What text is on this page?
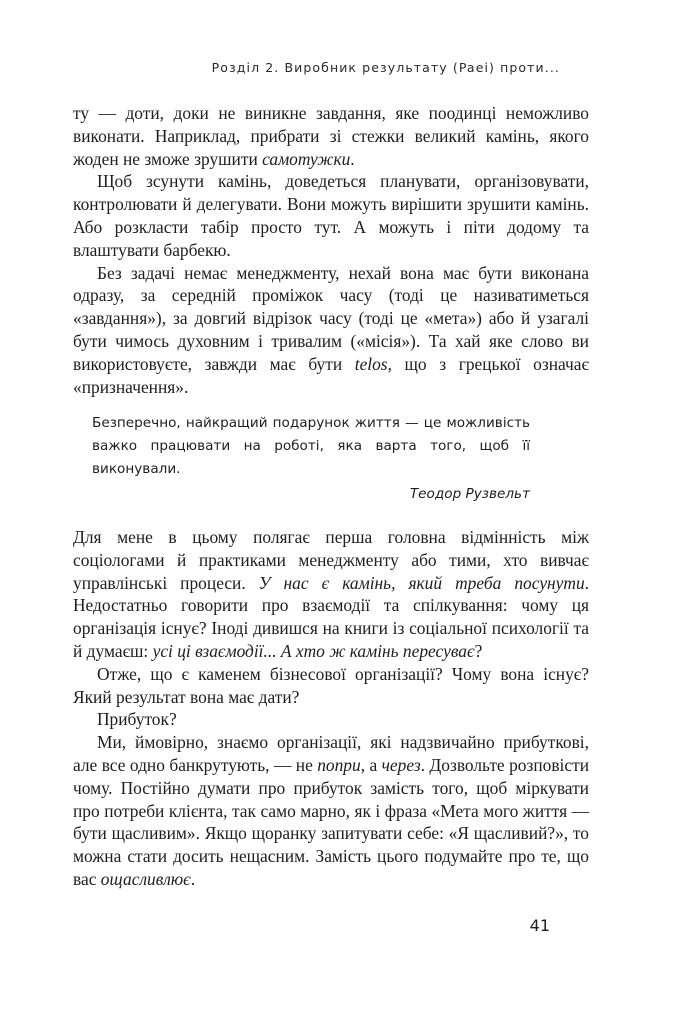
Розділ 2. Виробник результату (Paei) проти...

ту — доти, доки не виникне завдання, яке поодинці неможливо виконати. Наприклад, прибрати зі стежки великий камінь, якого жоден не зможе зрушити самотужки.

Щоб зсунути камінь, доведеться планувати, організовувати, контролювати й делегувати. Вони можуть вирішити зрушити камінь. Або розкласти табір просто тут. А можуть і піти додому та влаштувати барбекю.

Без задачі немає менеджменту, нехай вона має бути виконана одразу, за середній проміжок часу (тоді це називатиметься «завдання»), за довгий відрізок часу (тоді це «мета») або й узагалі бути чимось духовним і тривалим («місія»). Та хай яке слово ви використовуєте, завжди має бути telos, що з грецької означає «призначення».

Безперечно, найкращий подарунок життя — це можливість важко працювати на роботі, яка варта того, щоб її виконували.
Теодор Рузвельт

Для мене в цьому полягає перша головна відмінність між соціологами й практиками менеджменту або тими, хто вивчає управлінські процеси. У нас є камінь, який треба посунути. Недостатньо говорити про взаємодії та спілкування: чому ця організація існує? Іноді дивишся на книги із соціальної психології та й думаєш: усі ці взаємодії... А хто ж камінь пересуває?

Отже, що є каменем бізнесової організації? Чому вона існує? Який результат вона має дати?

Прибуток?

Ми, ймовірно, знаємо організації, які надзвичайно прибуткові, але все одно банкрутують, — не попри, а через. Дозвольте розповісти чому. Постійно думати про прибуток замість того, щоб міркувати про потреби клієнта, так само марно, як і фраза «Мета мого життя — бути щасливим». Якщо щоранку запитувати себе: «Я щасливий?», то можна стати досить нещасним. Замість цього подумайте про те, що вас ощасливлює.

41
